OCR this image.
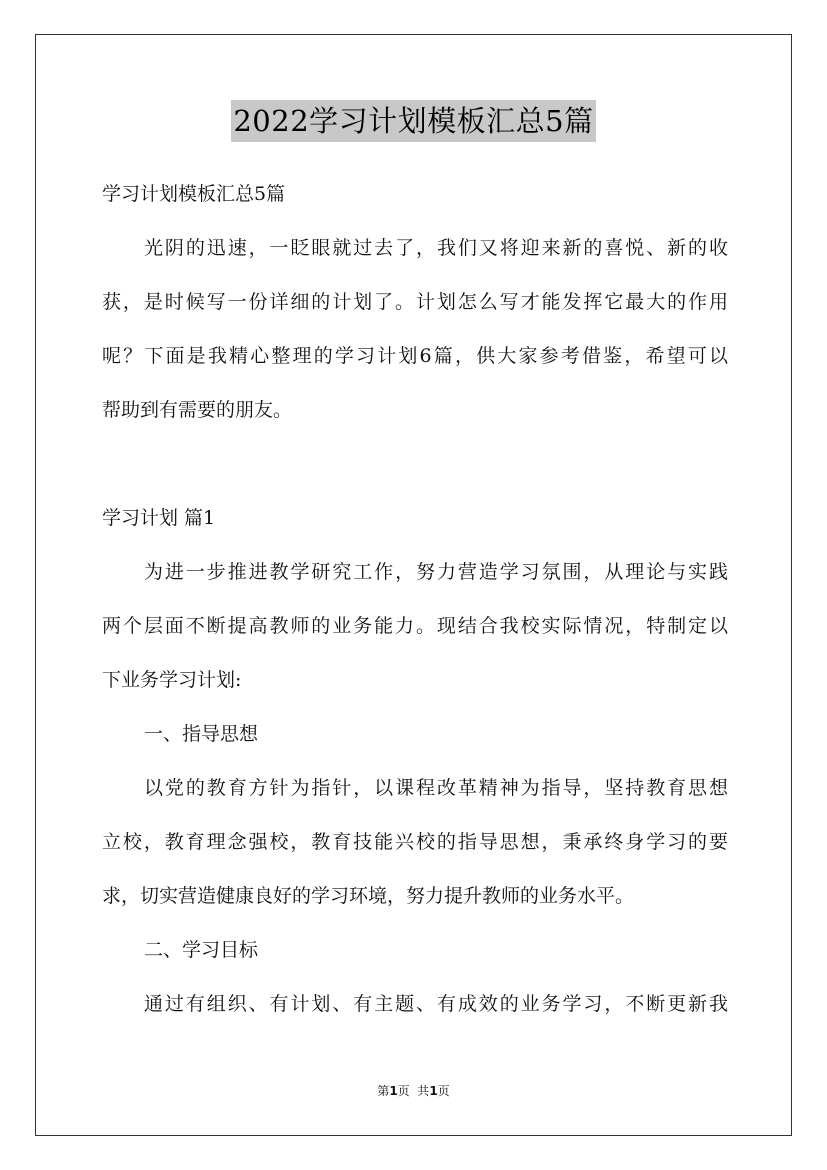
2022学习计划模板汇总5篇
学习计划模板汇总5篇
光阴的迅速，一眨眼就过去了，我们又将迎来新的喜悦、新的收
获，是时候写一份详细的计划了。计划怎么写才能发挥它最大的作用
呢？下面是我精心整理的学习计划6篇，供大家参考借鉴，希望可以
帮助到有需要的朋友。
学习计划 篇1
为进一步推进教学研究工作，努力营造学习氛围，从理论与实践
两个层面不断提高教师的业务能力。现结合我校实际情况，特制定以
下业务学习计划:
一、指导思想
以党的教育方针为指针，以课程改革精神为指导，坚持教育思想
立校，教育理念强校，教育技能兴校的指导思想，秉承终身学习的要
求，切实营造健康良好的学习环境，努力提升教师的业务水平。
二、学习目标
通过有组织、有计划、有主题、有成效的业务学习，不断更新我
第1页  共1页
